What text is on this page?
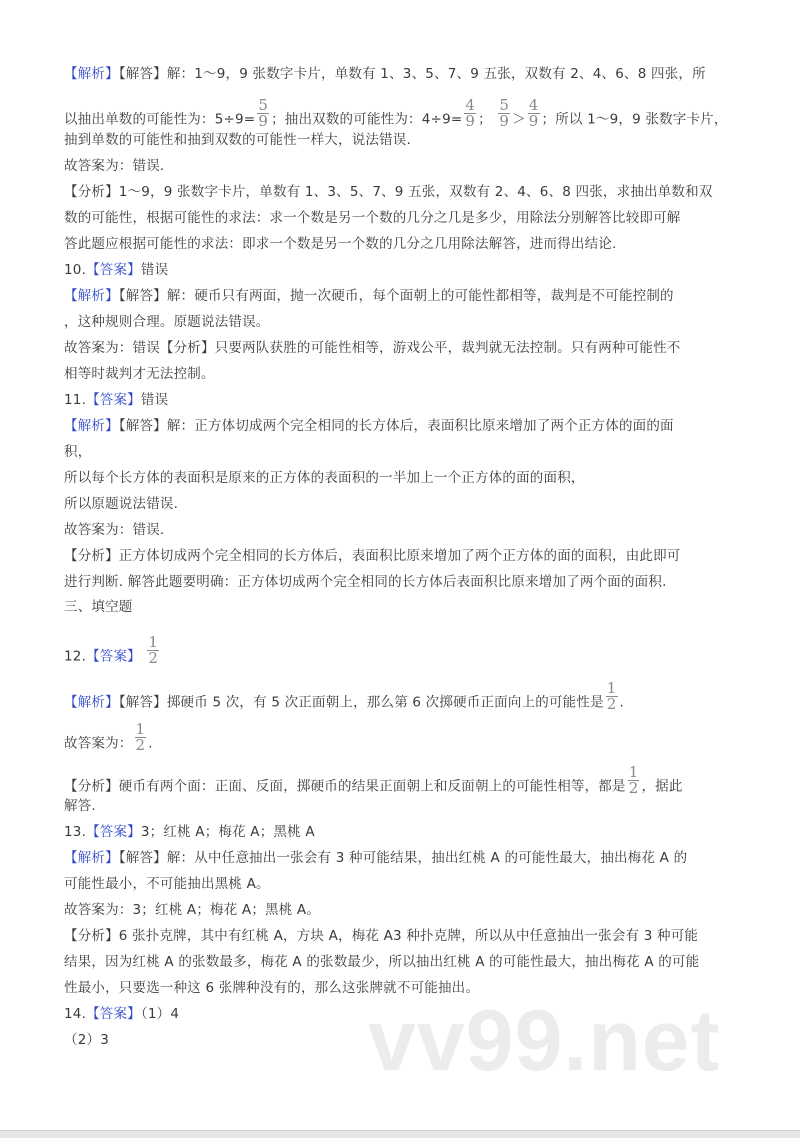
【解析】【解答】解：1～9，9 张数字卡片，单数有 1、3、5、7、9 五张，双数有 2、4、6、8 四张，所
以抽出单数的可能性为：$5\div 9= \frac{5}{9}$ ；抽出双数的可能性为：$4\div 9= \frac{4}{9}$ ； $\frac{5}{9} > \frac{4}{9}$ ；所以 1～9，9 张数字卡片，
抽到单数的可能性和抽到双数的可能性一样大，说法错误.
故答案为：错误.
【分析】1～9，9 张数字卡片，单数有 1、3、5、7、9 五张，双数有 2、4、6、8 四张，求抽出单数和双
数的可能性，根据可能性的求法：求一个数是另一个数的几分之几是多少，用除法分别解答比较即可解
答此题应根据可能性的求法：即求一个数是另一个数的几分之几用除法解答，进而得出结论.
10.【答案】错误
【解析】【解答】解：硬币只有两面，抛一次硬币，每个面朝上的可能性都相等，裁判是不可能控制的
，这种规则合理。原题说法错误。
故答案为：错误【分析】只要两队获胜的可能性相等，游戏公平，裁判就无法控制。只有两种可能性不
相等时裁判才无法控制。
11.【答案】错误
【解析】【解答】解：正方体切成两个完全相同的长方体后，表面积比原来增加了两个正方体的面的面
积，
所以每个长方体的表面积是原来的正方体的表面积的一半加上一个正方体的面的面积，
所以原题说法错误.
故答案为：错误.
【分析】正方体切成两个完全相同的长方体后，表面积比原来增加了两个正方体的面的面积，由此即可
进行判断. 解答此题要明确：正方体切成两个完全相同的长方体后表面积比原来增加了两个面的面积.
三、填空题
12.【答案】 $\frac{1}{2}$
【解析】【解答】掷硬币 5 次，有 5 次正面朝上，那么第 6 次掷硬币正面向上的可能性是 $\frac{1}{2}$ .
故答案为： $\frac{1}{2}$ .
【分析】硬币有两个面：正面、反面，掷硬币的结果正面朝上和反面朝上的可能性相等，都是 $\frac{1}{2}$ ，据此
解答.
13.【答案】3；红桃 A；梅花 A；黑桃 A
【解析】【解答】解：从中任意抽出一张会有 3 种可能结果，抽出红桃 A 的可能性最大，抽出梅花 A 的
可能性最小，不可能抽出黑桃 A。
故答案为：3；红桃 A；梅花 A；黑桃 A。
【分析】6 张扑克牌，其中有红桃 A，方块 A，梅花 A3 种扑克牌，所以从中任意抽出一张会有 3 种可能
结果，因为红桃 A 的张数最多，梅花 A 的张数最少，所以抽出红桃 A 的可能性最大，抽出梅花 A 的可能
性最小，只要选一种这 6 张牌种没有的，那么这张牌就不可能抽出。
14.【答案】（1）4
（2）3	vv99.net
